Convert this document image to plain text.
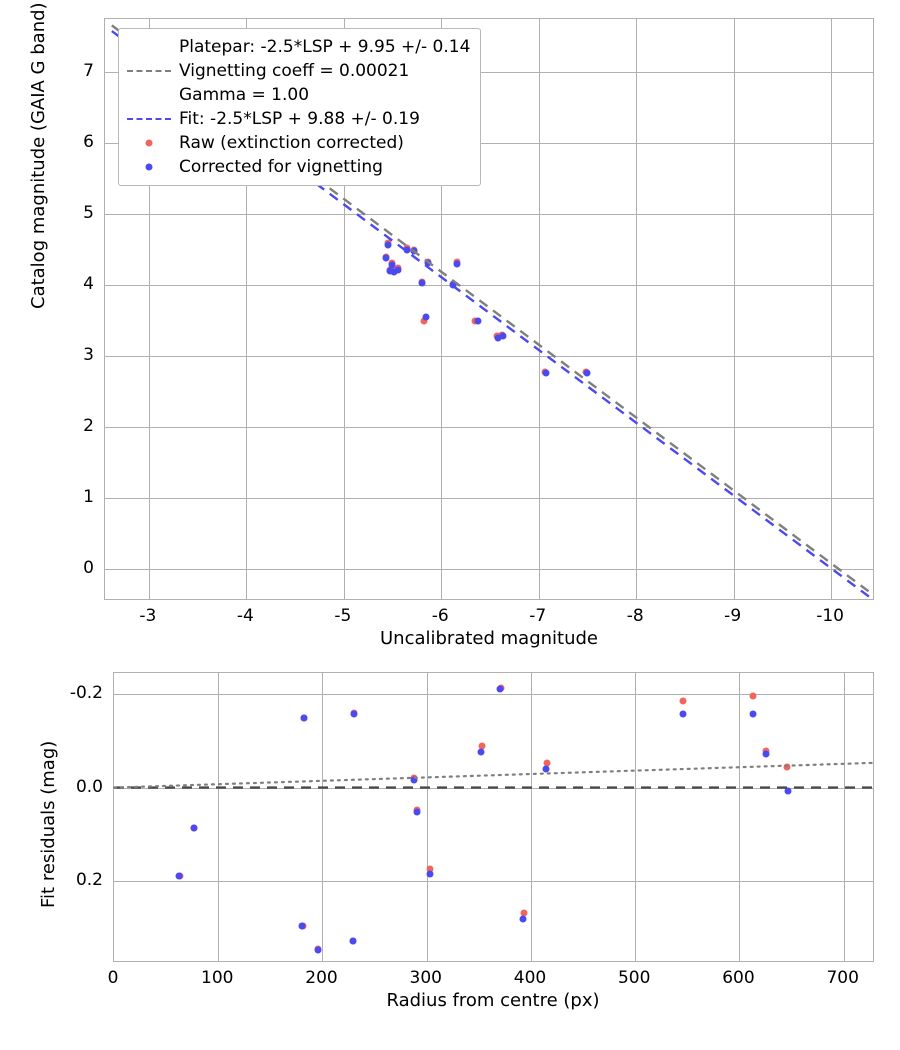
-3	-4	-5	-6	-7	-8	-9	-10
0
1
2
3
4
5
6
7
Uncalibrated magnitude
Catalog magnitude (GAIA G band)	Platepar: -2.5*LSP + 9.95 +/- 0.14
Vignetting coeff = 0.00021
Gamma = 1.00
Fit: -2.5*LSP + 9.88 +/- 0.19
Raw (extinction corrected)
Corrected for vignetting
0	100	200	300	400	500	600	700
-0.2
0.0
0.2
Radius from centre (px)
Fit residuals (mag)
